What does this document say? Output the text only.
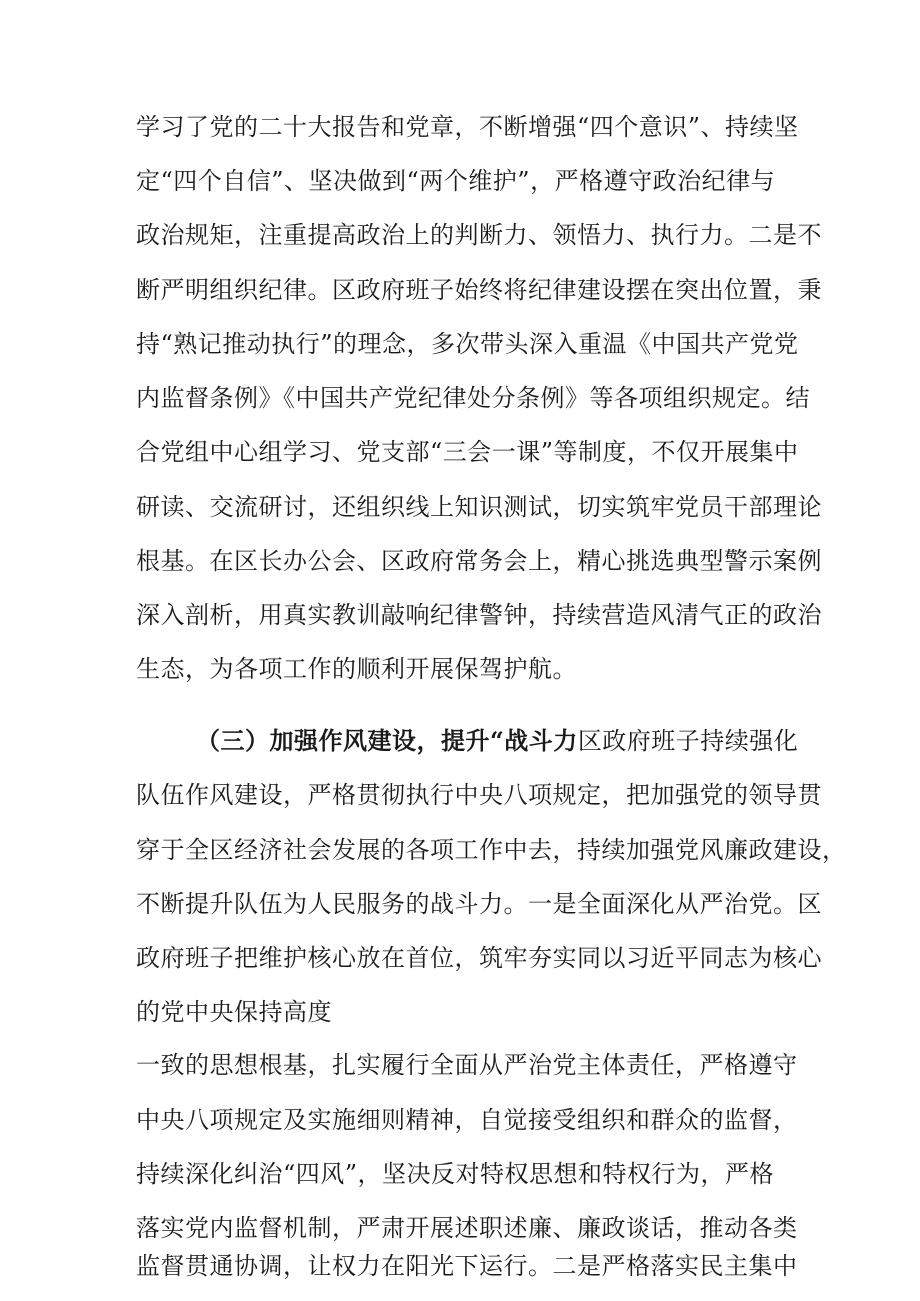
学习了党的二十大报告和党章，不断增强“四个意识”、持续坚
定“四个自信”、坚决做到“两个维护”，严格遵守政治纪律与
政治规矩，注重提高政治上的判断力、领悟力、执行力。二是不
断严明组织纪律。区政府班子始终将纪律建设摆在突出位置，秉
持“熟记推动执行”的理念，多次带头深入重温《中国共产党党
内监督条例》《中国共产党纪律处分条例》等各项组织规定。结
合党组中心组学习、党支部“三会一课”等制度，不仅开展集中
研读、交流研讨，还组织线上知识测试，切实筑牢党员干部理论
根基。在区长办公会、区政府常务会上，精心挑选典型警示案例
深入剖析，用真实教训敲响纪律警钟，持续营造风清气正的政治
生态，为各项工作的顺利开展保驾护航。
（三）加强作风建设，提升“战斗力区政府班子持续强化
队伍作风建设，严格贯彻执行中央八项规定，把加强党的领导贯
穿于全区经济社会发展的各项工作中去，持续加强党风廉政建设，
不断提升队伍为人民服务的战斗力。一是全面深化从严治党。区
政府班子把维护核心放在首位，筑牢夯实同以习近平同志为核心
的党中央保持高度
一致的思想根基，扎实履行全面从严治党主体责任，严格遵守
中央八项规定及实施细则精神，自觉接受组织和群众的监督，
持续深化纠治“四风”，坚决反对特权思想和特权行为，严格
落实党内监督机制，严肃开展述职述廉、廉政谈话，推动各类
监督贯通协调，让权力在阳光下运行。二是严格落实民主集中
